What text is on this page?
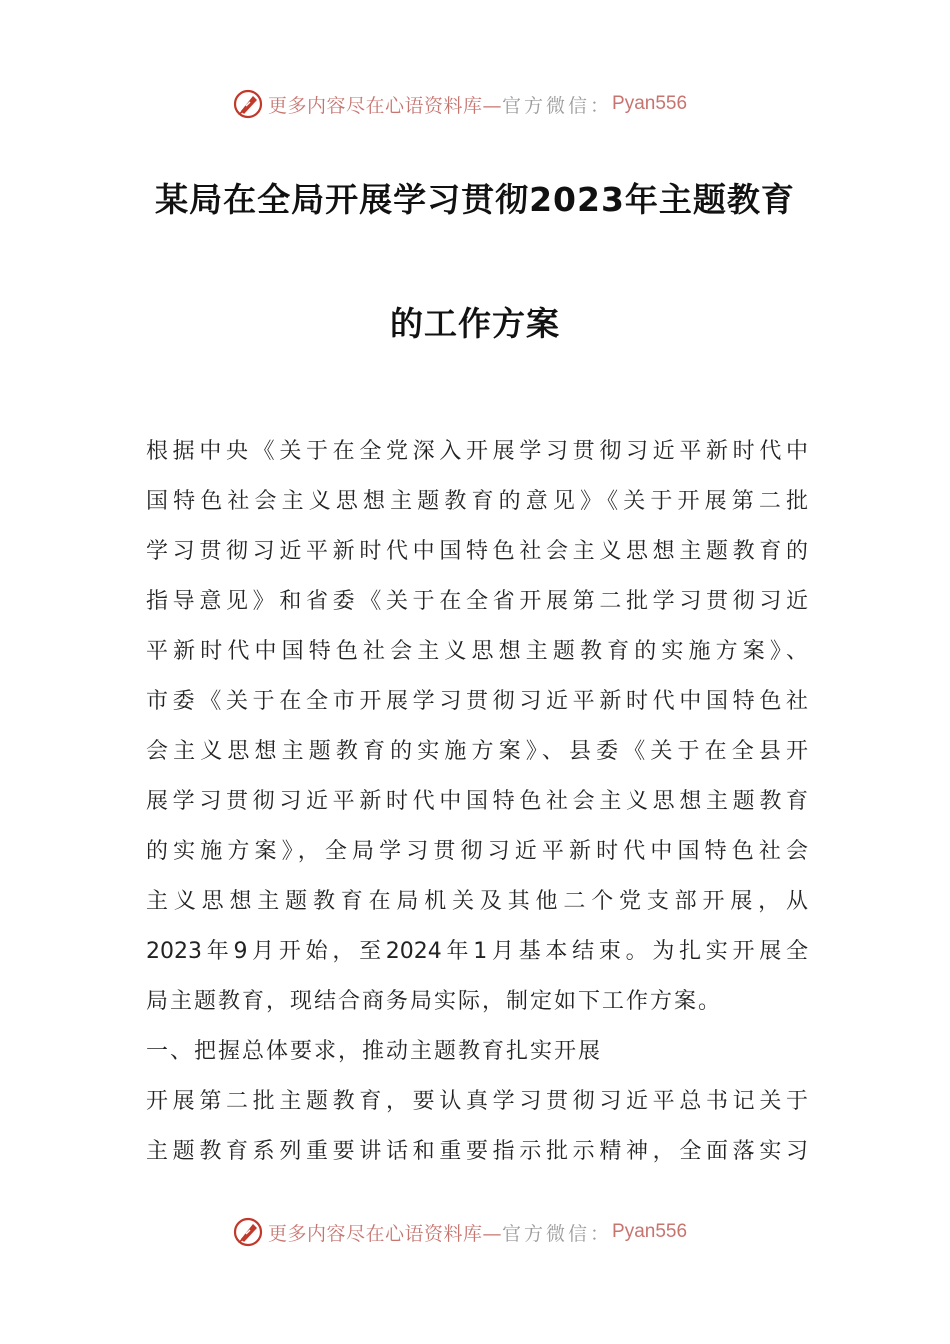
更多内容尽在心语资料库— 官方微信： Pyan556
某局在全局开展学习贯彻2023年主题教育
的工作方案
根据中央《关于在全党深入开展学习贯彻习近平新时代中
国特色社会主义思想主题教育的意见》《关于开展第二批
学习贯彻习近平新时代中国特色社会主义思想主题教育的
指导意见》和省委《关于在全省开展第二批学习贯彻习近
平新时代中国特色社会主义思想主题教育的实施方案》、
市委《关于在全市开展学习贯彻习近平新时代中国特色社
会主义思想主题教育的实施方案》、县委《关于在全县开
展学习贯彻习近平新时代中国特色社会主义思想主题教育
的实施方案》，全局学习贯彻习近平新时代中国特色社会
主义思想主题教育在局机关及其他二个党支部开展，从
2023年9月开始，至2024年1月基本结束。为扎实开展全
局主题教育，现结合商务局实际，制定如下工作方案。
一、把握总体要求，推动主题教育扎实开展
开展第二批主题教育，要认真学习贯彻习近平总书记关于
主题教育系列重要讲话和重要指示批示精神，全面落实习
更多内容尽在心语资料库— 官方微信： Pyan556
